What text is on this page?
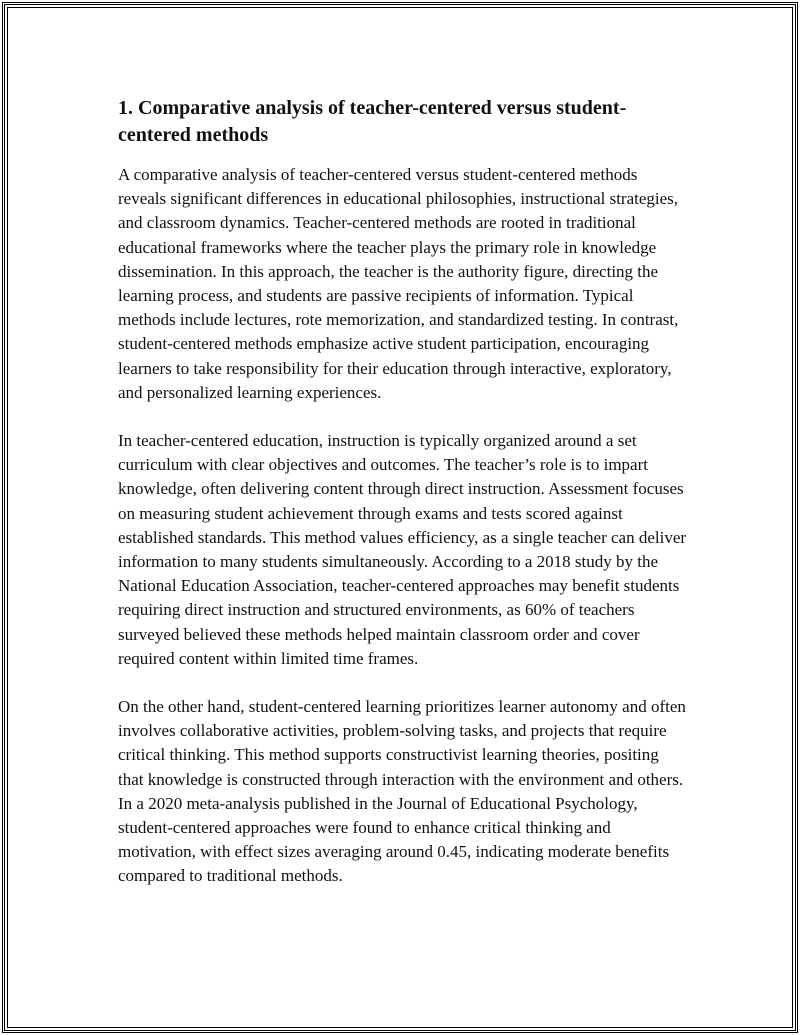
1. Comparative analysis of teacher-centered versus student-centered methods

A comparative analysis of teacher-centered versus student-centered methods reveals significant differences in educational philosophies, instructional strategies, and classroom dynamics. Teacher-centered methods are rooted in traditional educational frameworks where the teacher plays the primary role in knowledge dissemination. In this approach, the teacher is the authority figure, directing the learning process, and students are passive recipients of information. Typical methods include lectures, rote memorization, and standardized testing. In contrast, student-centered methods emphasize active student participation, encouraging learners to take responsibility for their education through interactive, exploratory, and personalized learning experiences.

In teacher-centered education, instruction is typically organized around a set curriculum with clear objectives and outcomes. The teacher’s role is to impart knowledge, often delivering content through direct instruction. Assessment focuses on measuring student achievement through exams and tests scored against established standards. This method values efficiency, as a single teacher can deliver information to many students simultaneously. According to a 2018 study by the National Education Association, teacher-centered approaches may benefit students requiring direct instruction and structured environments, as 60% of teachers surveyed believed these methods helped maintain classroom order and cover required content within limited time frames.

On the other hand, student-centered learning prioritizes learner autonomy and often involves collaborative activities, problem-solving tasks, and projects that require critical thinking. This method supports constructivist learning theories, positing that knowledge is constructed through interaction with the environment and others. In a 2020 meta-analysis published in the Journal of Educational Psychology, student-centered approaches were found to enhance critical thinking and motivation, with effect sizes averaging around 0.45, indicating moderate benefits compared to traditional methods.
